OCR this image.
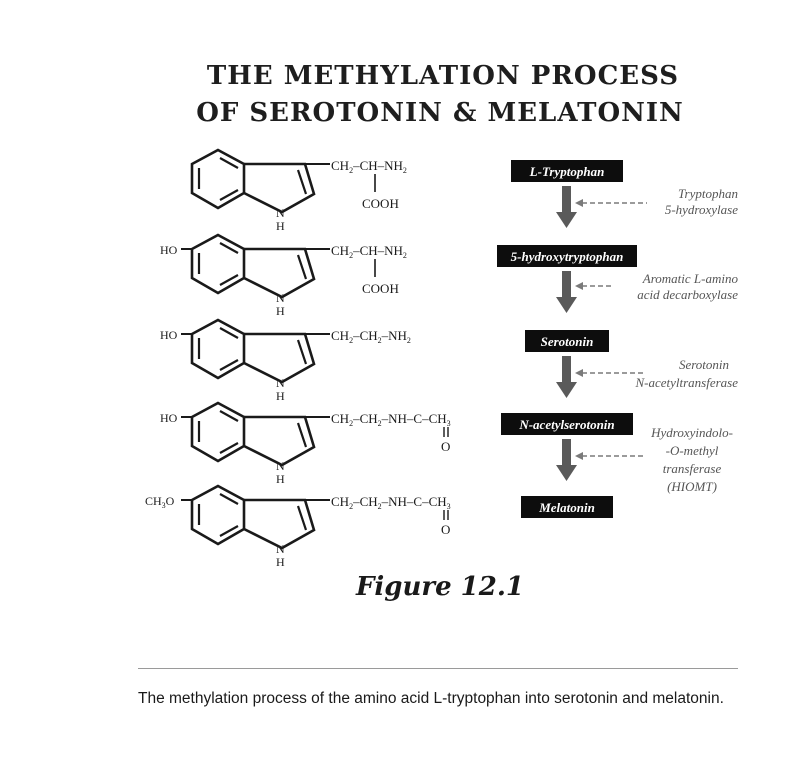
THE METHYLATION PROCESS
OF SEROTONIN & MELATONIN
N
H
$CH_2-CH-NH_2$
COOH
HO
N
H
$CH_2-CH-NH_2$
COOH
HO
N
H
$CH_2-CH_2-NH_2$
HO
N
H
$CH_2-CH_2-NH-C-CH_3$
O
$CH_3O$
N
H
$CH_2-CH_2-NH-C-CH_3$
O
L-Tryptophan
5-hydroxytryptophan
Serotonin
N-acetylserotonin
Melatonin
Tryptophan
5-hydroxylase
Aromatic L-amino
acid decarboxylase
Serotonin
N-acetyltransferase
Hydroxyindolo-
-O-methyl
transferase
(HIOMT)
Figure 12.1

The methylation process of the amino acid L-tryptophan into serotonin and melatonin.
